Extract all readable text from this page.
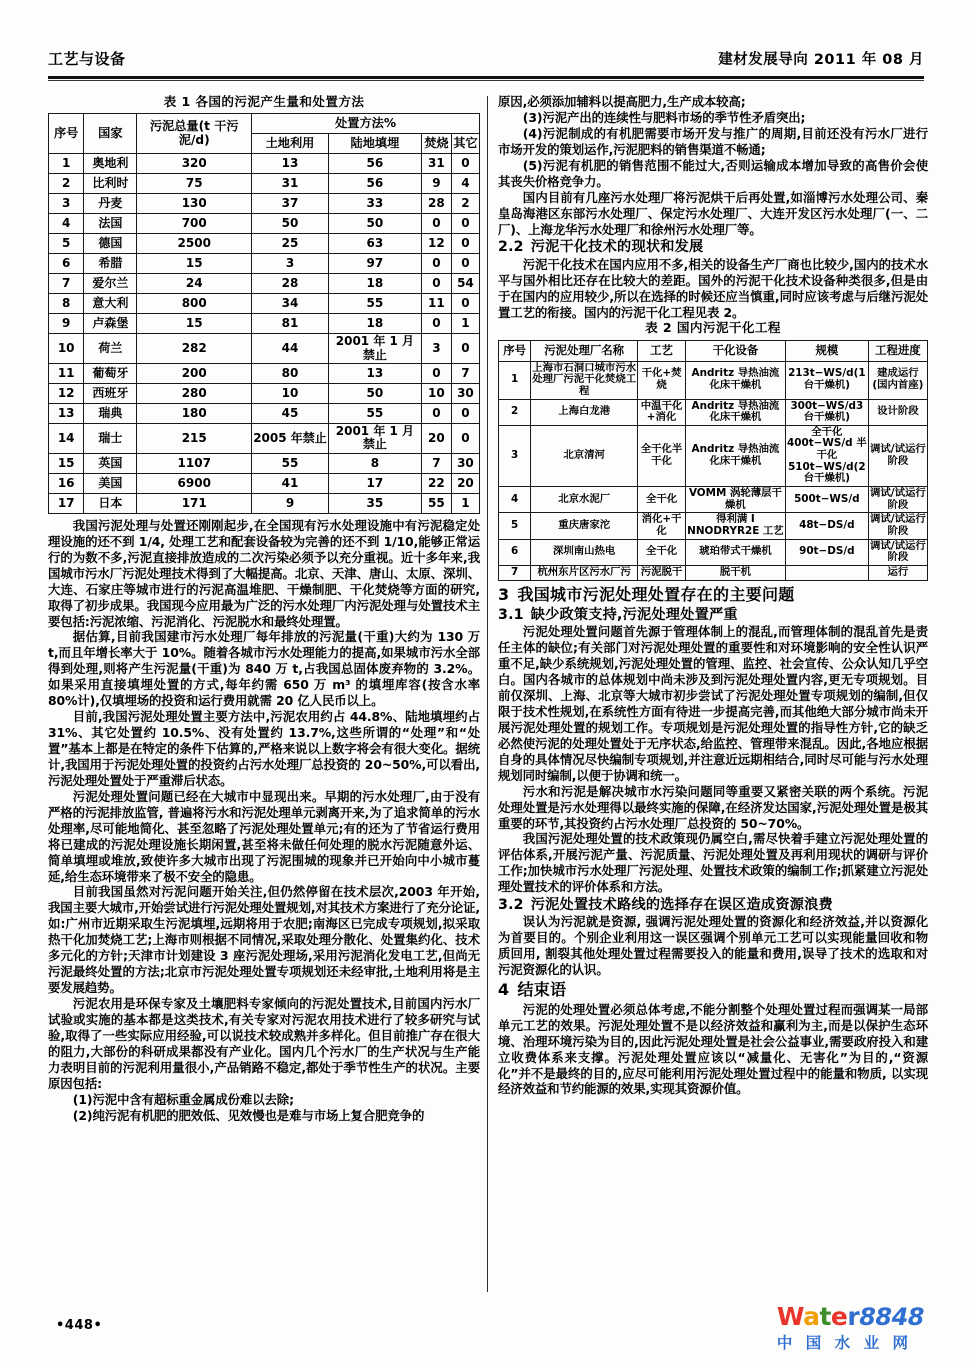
工艺与设备	建材发展导向 2011 年 08 月
表 1 各国的污泥产生量和处置方法
序号	国家	污泥总量(t 干污泥/d)	处置方法%			
			土地利用	陆地填埋	焚烧	其它
1	奥地利	320	13	56	31	0
2	比利时	75	31	56	9	4
3	丹麦	130	37	33	28	2
4	法国	700	50	50	0	0
5	德国	2500	25	63	12	0
6	希腊	15	3	97	0	0
7	爱尔兰	24	28	18	0	54
8	意大利	800	34	55	11	0
9	卢森堡	15	81	18	0	1
10	荷兰	282	44	2001 年 1 月禁止	3	0
11	葡萄牙	200	80	13	0	7
12	西班牙	280	10	50	10	30
13	瑞典	180	45	55	0	0
14	瑞士	215	2005 年禁止	2001 年 1 月禁止	20	0
15	英国	1107	55	8	7	30
16	美国	6900	41	17	22	20
17	日本	171	9	35	55	1

我国污泥处理与处置还刚刚起步,在全国现有污水处理设施中有污泥稳定处理设施的还不到 1/4, 处理工艺和配套设备较为完善的还不到 1/10,能够正常运行的为数不多,污泥直接排放造成的二次污染必须予以充分重视。近十多年来,我国城市污水厂污泥处理技术得到了大幅提高。北京、天津、唐山、太原、深圳、大连、石家庄等城市进行的污泥高温堆肥、干燥制肥、干化焚烧等方面的研究,取得了初步成果。我国现今应用最为广泛的污水处理厂内污泥处理与处置技术主要包括:污泥浓缩、污泥消化、污泥脱水和最终处理置。

据估算,目前我国建市污水处理厂每年排放的污泥量(干重)大约为 130 万 t,而且年增长率大于 10%。随着各城市污水处理能力的提高,如果城市污水全部得到处理,则将产生污泥量(干重)为 840 万 t,占我国总固体废弃物的 3.2%。如果采用直接填埋处置的方式,每年约需 650 万 m³ 的填埋库容(按含水率 80%计),仅填埋场的投资和运行费用就需 20 亿人民币以上。

目前,我国污泥处理处置主要方法中,污泥农用约占 44.8%、陆地填埋约占 31%、其它处置约 10.5%、没有处置约 13.7%,这些所谓的“处理”和“处置”基本上都是在特定的条件下估算的,严格来说以上数字将会有很大变化。据统计,我国用于污泥处理处置的投资约占污水处理厂总投资的 20~50%,可以看出,污泥处理处置处于严重滞后状态。

污泥处理处置问题已经在大城市中显现出来。早期的污水处理厂,由于没有严格的污泥排放监管, 普遍将污水和污泥处理单元剥离开来,为了追求简单的污水处理率,尽可能地简化、甚至忽略了污泥处理处置单元;有的还为了节省运行费用将已建成的污泥处理设施长期闲置,甚至将未做任何处理的脱水污泥随意外运、简单填埋或堆放,致使许多大城市出现了污泥围城的现象并已开始向中小城市蔓延,给生态环境带来了极不安全的隐患。

目前我国虽然对污泥问题开始关注,但仍然停留在技术层次,2003 年开始,我国主要大城市,开始尝试进行污泥处理处置规划,对其技术方案进行了充分论证,如:广州市近期采取生污泥填埋,远期将用于农肥;南海区已完成专项规划,拟采取热干化加焚烧工艺;上海市则根据不同情况,采取处理分散化、处置集约化、技术多元化的方针;天津市计划建设 3 座污泥处理场,采用污泥消化发电工艺,但尚无污泥最终处置的方法;北京市污泥处理处置专项规划还未经审批,土地利用将是主要发展趋势。

污泥农用是环保专家及土壤肥料专家倾向的污泥处置技术,目前国内污水厂试验或实施的基本都是这类技术,有关专家对污泥农用技术进行了较多研究与试验,取得了一些实际应用经验,可以说技术较成熟并多样化。但目前推广存在很大的阻力,大部份的科研成果都没有产业化。国内几个污水厂的生产状况与生产能力表明目前的污泥利用量很小,产品销路不稳定,都处于季节性生产的状况。主要原因包括:

(1)污泥中含有超标重金属成份难以去除;

(2)纯污泥有机肥的肥效低、见效慢也是难与市场上复合肥竞争的

原因,必须添加辅料以提高肥力,生产成本较高;

(3)污泥产出的连续性与肥料市场的季节性矛盾突出;

(4)污泥制成的有机肥需要市场开发与推广的周期,目前还没有污水厂进行市场开发的策划运作,污泥肥料的销售渠道不畅通;

(5)污泥有机肥的销售范围不能过大,否则运输成本增加导致的高售价会使其丧失价格竞争力。

国内目前有几座污水处理厂将污泥烘干后再处置,如淄博污水处理公司、秦皇岛海港区东部污水处理厂、保定污水处理厂、大连开发区污水处理厂(一、二厂)、上海龙华污水处理厂和徐州污水处理厂等。

2.2 污泥干化技术的现状和发展

污泥干化技术在国内应用不多,相关的设备生产厂商也比较少,国内的技术水平与国外相比还存在比较大的差距。国外的污泥干化技术设备种类很多,但是由于在国内的应用较少,所以在选择的时候还应当慎重,同时应该考虑与后继污泥处置工艺的衔接。国内的污泥干化工程见表 2。

表 2 国内污泥干化工程
序号	污泥处理厂名称	工艺	干化设备	规模	工程进度
1	上海市石洞口城市污水处理厂污泥干化焚烧工程	干化+焚烧	Andritz 导热油流化床干燥机	213t−WS/d(1 台干燥机)	建成运行(国内首座)
2	上海白龙港	中温干化+消化	Andritz 导热油流化床干燥机	300t−WS/d3 台干燥机)	设计阶段
3	北京清河	全干化半干化	Andritz 导热油流化床干燥机	全干化 400t−WS/d 半干化 510t−WS/d(2 台干燥机)	调试/试运行阶段
4	北京水泥厂	全干化	VOMM 涡轮薄层干燥机	500t−WS/d	调试/试运行阶段
5	重庆唐家沱	消化+干化	得利满 I NNODRYR2E 工艺	48t−DS/d	调试/试运行阶段
6	深圳南山热电	全干化	琥珀带式干燥机	90t−DS/d	调试/试运行阶段
7	杭州东片区污水厂污	污泥脱干	脱干机		运行
3 我国城市污泥处理处置存在的主要问题
3.1 缺少政策支持,污泥处理处置严重

污泥处理处置问题首先源于管理体制上的混乱,而管理体制的混乱首先是责任主体的缺位;有关部门对污泥处理处置的重要性和对环境影响的安全性认识严重不足,缺少系统规划,污泥处理处置的管理、监控、社会宣传、公众认知几乎空白。国内各城市的总体规划中尚未涉及到污泥处理处置内容,更无专项规划。目前仅深圳、上海、北京等大城市初步尝试了污泥处理处置专项规划的编制,但仅限于技术性规划,在系统性方面有待进一步提高完善,而其他绝大部分城市尚未开展污泥处理处置的规划工作。专项规划是污泥处理处置的指导性方针,它的缺乏必然使污泥的处理处置处于无序状态,给监控、管理带来混乱。因此,各地应根据自身的具体情况尽快编制专项规划,并注意近远期相结合,同时尽可能与污水处理规划同时编制,以便于协调和统一。

污水和污泥是解决城市水污染问题同等重要又紧密关联的两个系统。污泥处理处置是污水处理得以最终实施的保障,在经济发达国家,污泥处理处置是极其重要的环节,其投资约占污水处理厂总投资的 50~70%。

我国污泥处理处置的技术政策现仍属空白,需尽快着手建立污泥处理处置的评估体系,开展污泥产量、污泥质量、污泥处理处置及再利用现状的调研与评价工作;加快城市污水处理厂污泥处理、处置技术政策的编制工作;抓紧建立污泥处理处置技术的评价体系和方法。

3.2 污泥处置技术路线的选择存在误区造成资源浪费

误认为污泥就是资源, 强调污泥处理处置的资源化和经济效益,并以资源化为首要目的。个别企业利用这一误区强调个别单元工艺可以实现能量回收和物质回用, 割裂其他处理处置过程需要投入的能量和费用,误导了技术的选取和对污泥资源化的认识。

4 结束语

污泥的处理处置必须总体考虑,不能分割整个处理处置过程而强调某一局部单元工艺的效果。污泥处理处置不是以经济效益和赢利为主,而是以保护生态环境、治理环境污染为目的,因此污泥处理处置是社会公益事业,需要政府投入和建立收费体系来支撑。污泥处理处置应该以“减量化、无害化”为目的,“资源化”并不是最终的目的,应尽可能利用污泥处理处置过程中的能量和物质, 以实现经济效益和节约能源的效果,实现其资源价值。

•448•	Water8848
中 国 水 业 网
